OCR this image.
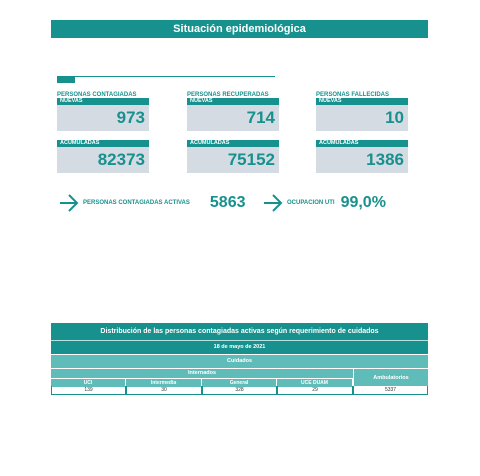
Situación epidemiológica
PERSONAS CONTAGIADAS
NUEVAS
973
ACUMULADAS
82373
PERSONAS RECUPERADAS
NUEVAS
714
ACUMULADAS
75152
PERSONAS FALLECIDAS
NUEVAS
10
ACUMULADAS
1386
PERSONAS CONTAGIADAS ACTIVAS 5863	OCUPACION UTI 99,0%
Distribución de las personas contagiadas activas según requerimiento de cuidados
18 de mayo de 2021
Cuidados
Internados
UCI	Intermedia	General	UCE DUAM
Ambulatorios
139	30	328	29	5337
